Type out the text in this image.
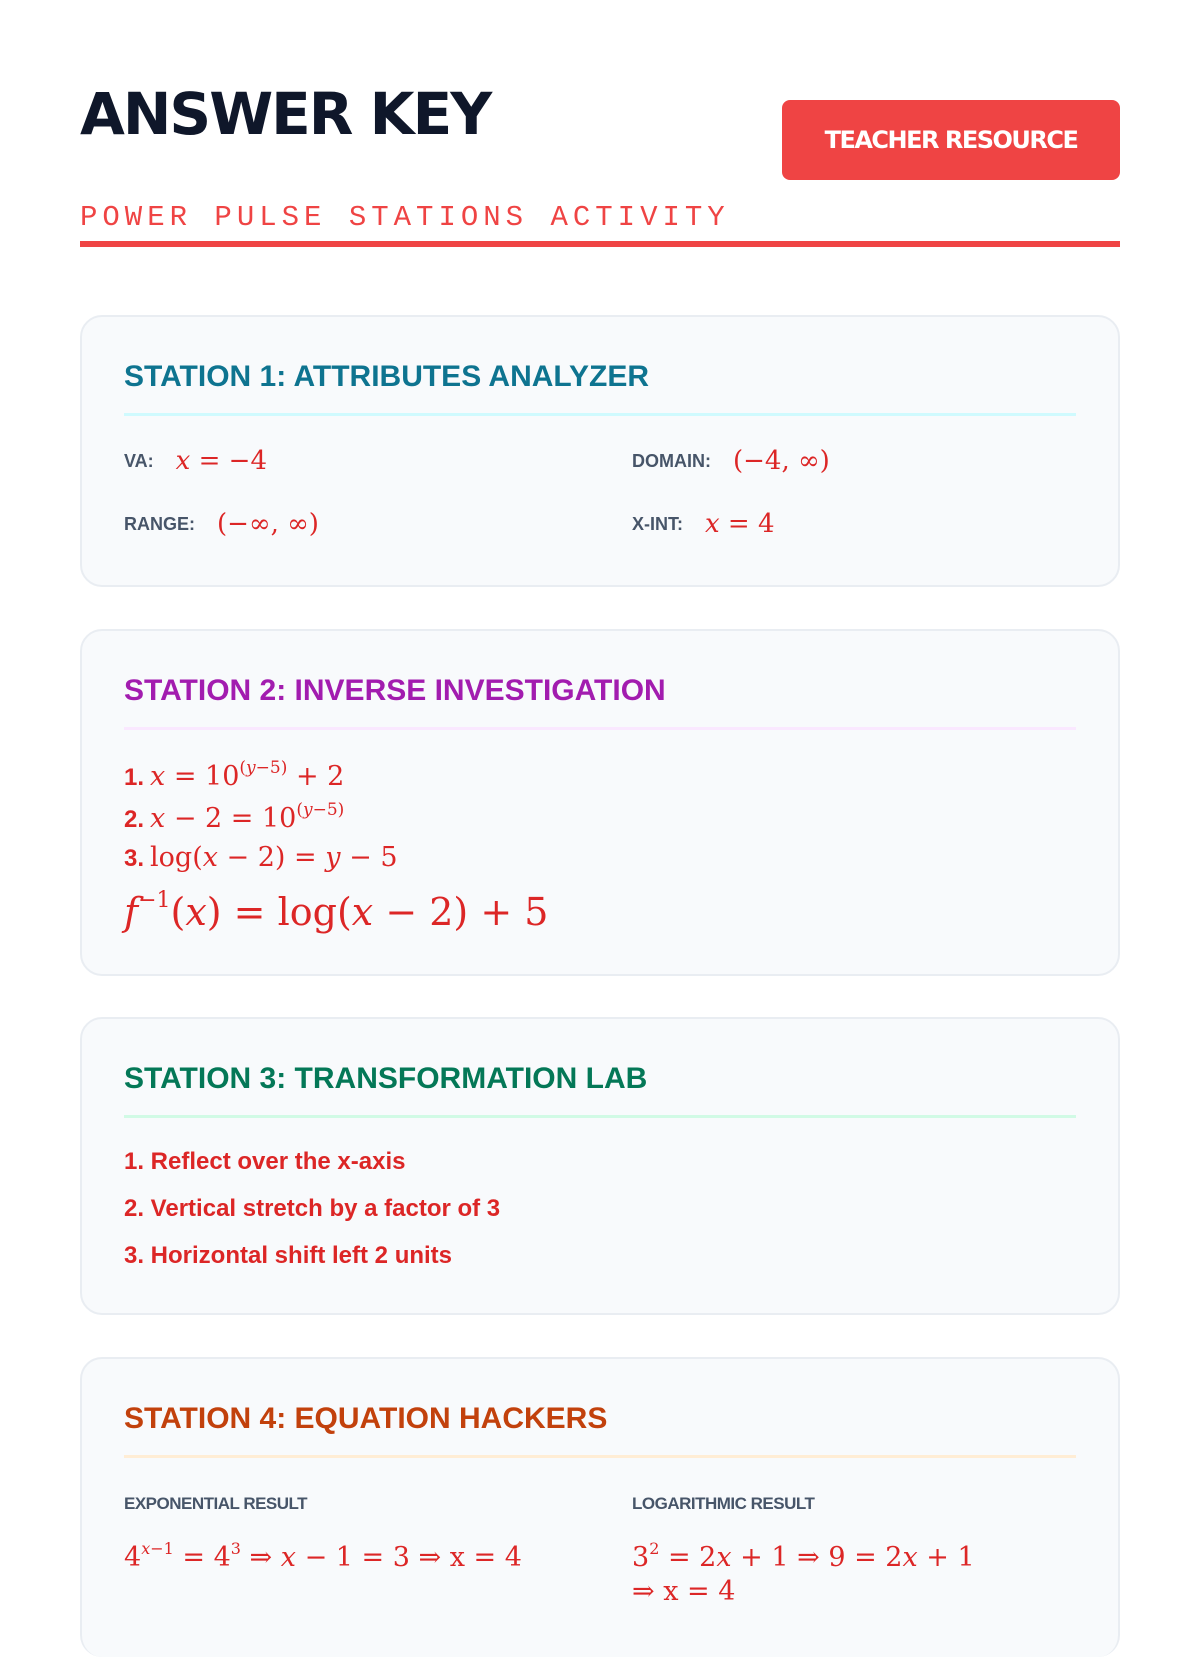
ANSWER KEY
POWER PULSE STATIONS ACTIVITY
TEACHER RESOURCE
STATION 1: ATTRIBUTES ANALYZER
VA: x = −4	DOMAIN: (−4, ∞)
RANGE: (−∞, ∞)	X-INT: x = 4
STATION 2: INVERSE INVESTIGATION
1. $x = 10^{(y-5)} + 2$
2. $x - 2 = 10^{(y-5)}$
3. log(x − 2) = y − 5
$f^{-1}(x) = \log(x - 2) + 5$
STATION 3: TRANSFORMATION LAB
1. Reflect over the x-axis
2. Vertical stretch by a factor of 3
3. Horizontal shift left 2 units
STATION 4: EQUATION HACKERS
EXPONENTIAL RESULT
$4^{x-1} = 4^3$ ⇒ x − 1 = 3 ⇒ x = 4
LOGARITHMIC RESULT
$3^2 = 2x + 1$ ⇒ 9 = 2x + 1
⇒ x = 4
